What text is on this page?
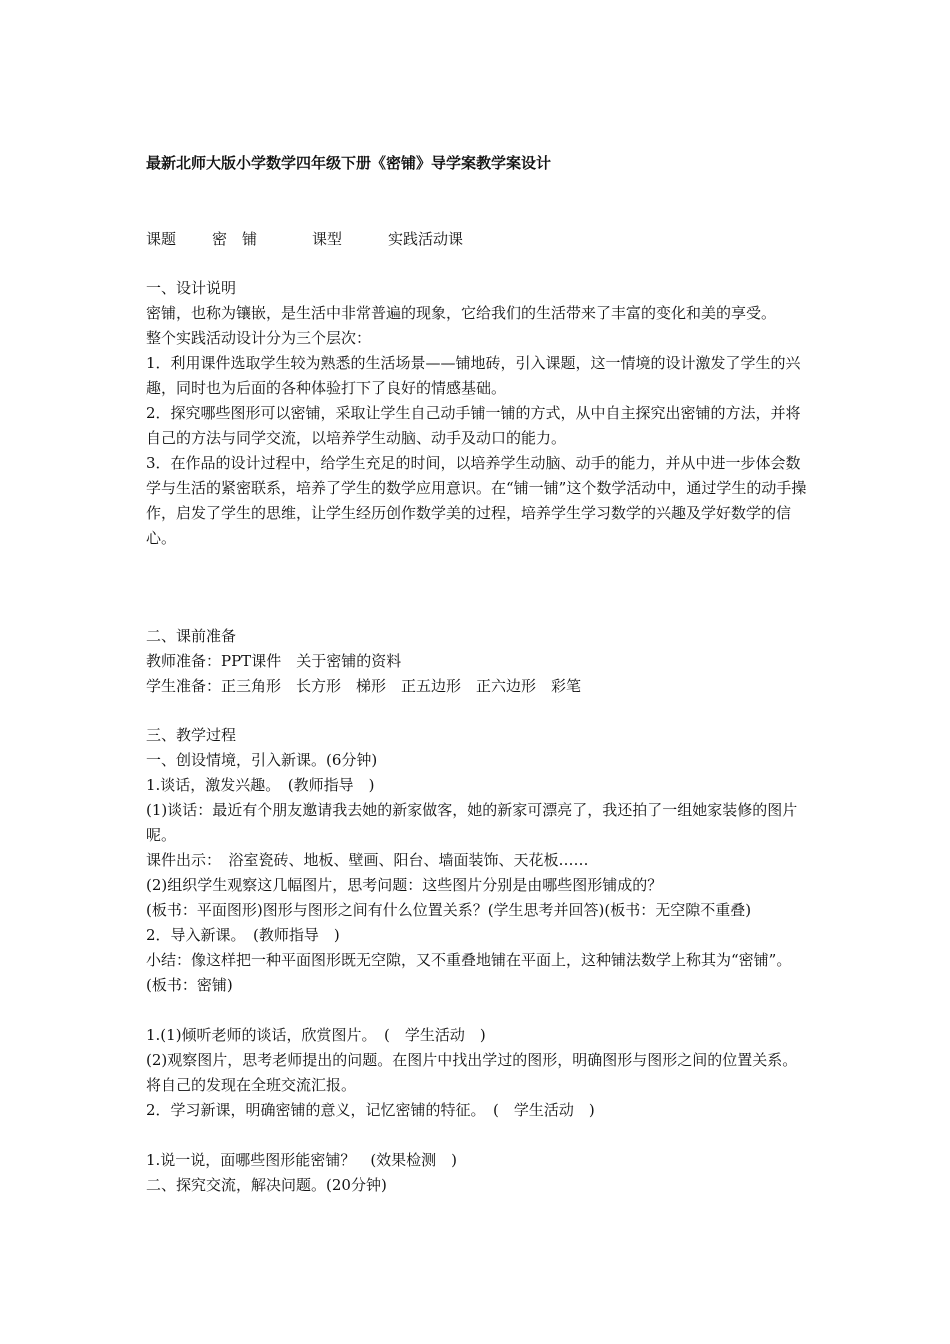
最新北师大版小学数学四年级下册《密铺》导学案教学案设计
课题 密　铺	课型	实践活动课

一、设计说明

密铺，也称为镶嵌，是生活中非常普遍的现象，它给我们的生活带来了丰富的变化和美的享受。

整个实践活动设计分为三个层次：

1．利用课件选取学生较为熟悉的生活场景——铺地砖，引入课题，这一情境的设计激发了学生的兴趣，同时也为后面的各种体验打下了良好的情感基础。

2．探究哪些图形可以密铺，采取让学生自己动手铺一铺的方式，从中自主探究出密铺的方法，并将自己的方法与同学交流，以培养学生动脑、动手及动口的能力。

3．在作品的设计过程中，给学生充足的时间，以培养学生动脑、动手的能力，并从中进一步体会数学与生活的紧密联系，培养了学生的数学应用意识。在“铺一铺”这个数学活动中，通过学生的动手操作，启发了学生的思维，让学生经历创作数学美的过程，培养学生学习数学的兴趣及学好数学的信心。

二、课前准备

教师准备：PPT课件　关于密铺的资料

学生准备：正三角形　长方形　梯形　正五边形　正六边形　彩笔

三、教学过程

一、创设情境，引入新课。(6分钟)

1.谈话，激发兴趣。　(教师指导　)

(1)谈话：最近有个朋友邀请我去她的新家做客，她的新家可漂亮了，我还拍了一组她家装修的图片呢。

课件出示：　浴室瓷砖、地板、壁画、阳台、墙面装饰、天花板……

(2)组织学生观察这几幅图片，思考问题：这些图片分别是由哪些图形铺成的？

(板书：平面图形)图形与图形之间有什么位置关系？(学生思考并回答)(板书：无空隙不重叠)

2．导入新课。　(教师指导　)

小结：像这样把一种平面图形既无空隙，又不重叠地铺在平面上，这种铺法数学上称其为“密铺”。(板书：密铺)

1.(1)倾听老师的谈话，欣赏图片。　(　学生活动　)

(2)观察图片，思考老师提出的问题。在图片中找出学过的图形，明确图形与图形之间的位置关系。将自己的发现在全班交流汇报。

2．学习新课，明确密铺的意义，记忆密铺的特征。　(　学生活动　)

1.说一说，面哪些图形能密铺？　(效果检测　)

二、探究交流，解决问题。(20分钟)
